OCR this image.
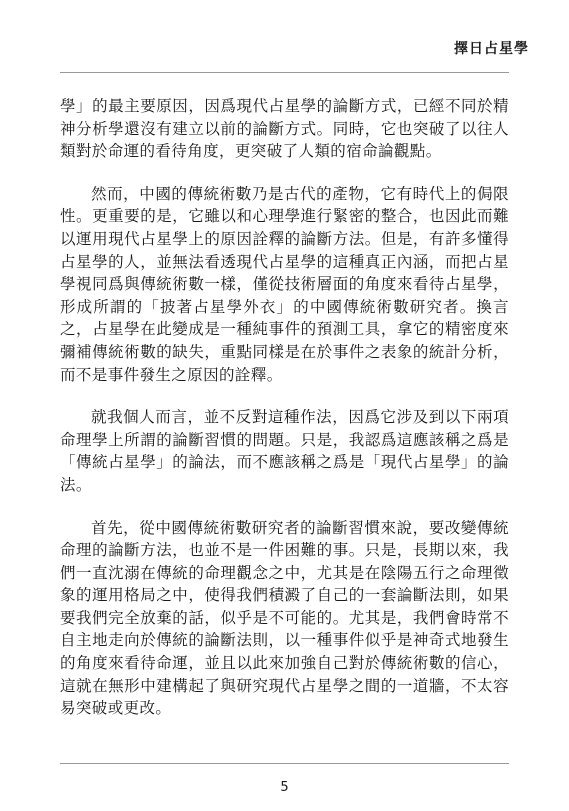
擇日占星學

學」的最主要原因，因爲現代占星學的論斷方式，已經不同於精神分析學還沒有建立以前的論斷方式。同時，它也突破了以往人類對於命運的看待角度，更突破了人類的宿命論觀點。

然而，中國的傳統術數乃是古代的產物，它有時代上的侷限性。更重要的是，它雖以和心理學進行緊密的整合，也因此而難以運用現代占星學上的原因詮釋的論斷方法。但是，有許多懂得占星學的人，並無法看透現代占星學的這種真正內涵，而把占星學視同爲與傳統術數一樣，僅從技術層面的角度來看待占星學，形成所謂的「披著占星學外衣」的中國傳統術數研究者。換言之，占星學在此變成是一種純事件的預測工具，拿它的精密度來彌補傳統術數的缺失，重點同樣是在於事件之表象的統計分析，而不是事件發生之原因的詮釋。

就我個人而言，並不反對這種作法，因爲它涉及到以下兩項命理學上所謂的論斷習慣的問題。只是，我認爲這應該稱之爲是「傳統占星學」的論法，而不應該稱之爲是「現代占星學」的論法。

首先，從中國傳統術數研究者的論斷習慣來說，要改變傳統命理的論斷方法，也並不是一件困難的事。只是，長期以來，我們一直沈溺在傳統的命理觀念之中，尤其是在陰陽五行之命理徵象的運用格局之中，使得我們積澱了自己的一套論斷法則，如果要我們完全放棄的話，似乎是不可能的。尤其是，我們會時常不自主地走向於傳統的論斷法則，以一種事件似乎是神奇式地發生的角度來看待命運，並且以此來加強自己對於傳統術數的信心，這就在無形中建構起了與研究現代占星學之間的一道牆，不太容易突破或更改。

5
